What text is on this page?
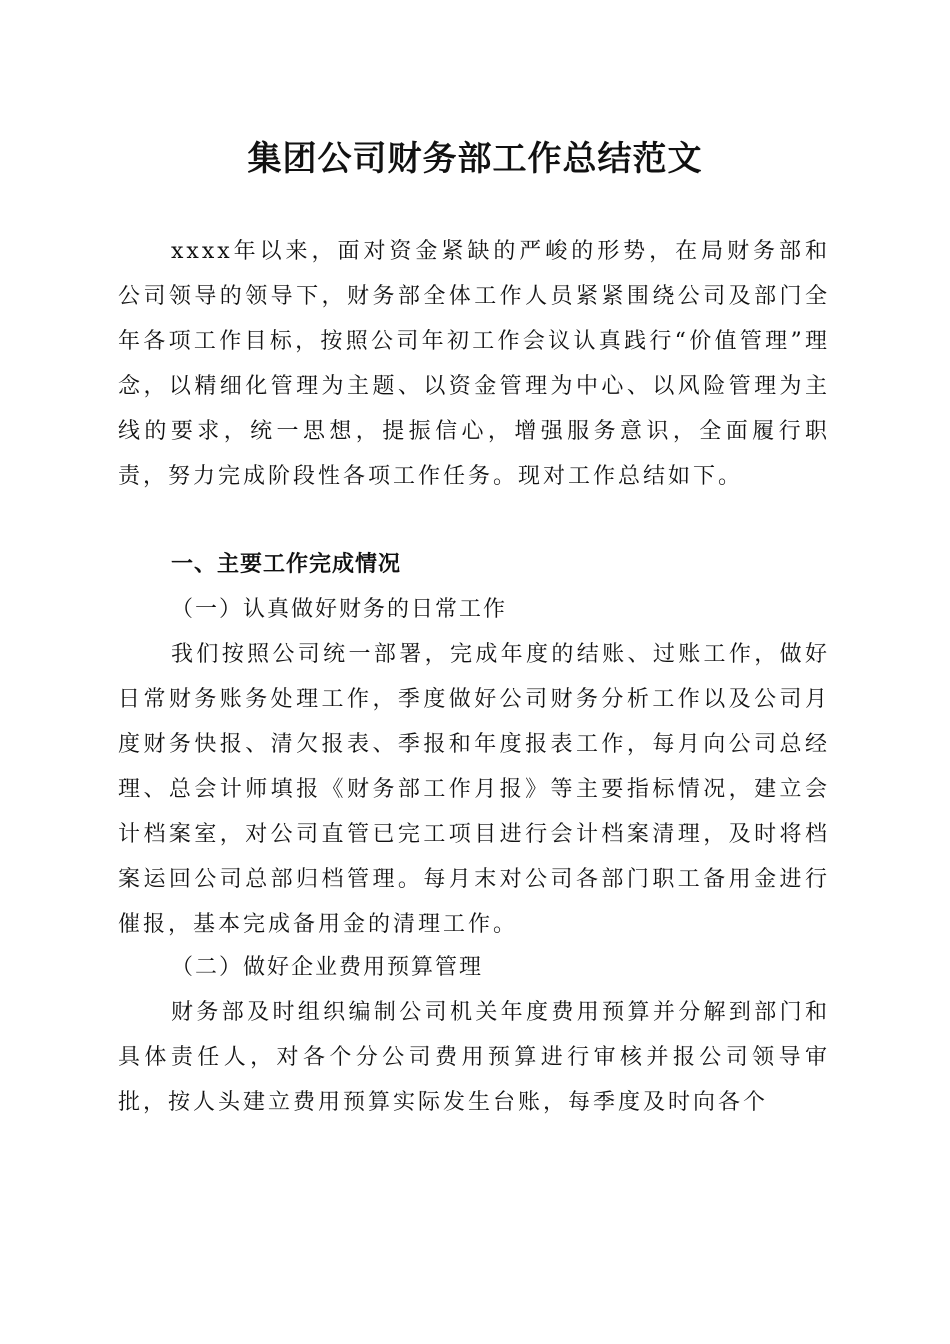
集团公司财务部工作总结范文

xxxx年以来，面对资金紧缺的严峻的形势，在局财务部和公司领导的领导下，财务部全体工作人员紧紧围绕公司及部门全年各项工作目标，按照公司年初工作会议认真践行“价值管理”理念，以精细化管理为主题、以资金管理为中心、以风险管理为主线的要求，统一思想，提振信心，增强服务意识，全面履行职责，努力完成阶段性各项工作任务。现对工作总结如下。

一、主要工作完成情况

（一）认真做好财务的日常工作

我们按照公司统一部署，完成年度的结账、过账工作，做好日常财务账务处理工作，季度做好公司财务分析工作以及公司月度财务快报、清欠报表、季报和年度报表工作，每月向公司总经理、总会计师填报《财务部工作月报》等主要指标情况，建立会计档案室，对公司直管已完工项目进行会计档案清理，及时将档案运回公司总部归档管理。每月末对公司各部门职工备用金进行催报，基本完成备用金的清理工作。

（二）做好企业费用预算管理

财务部及时组织编制公司机关年度费用预算并分解到部门和具体责任人，对各个分公司费用预算进行审核并报公司领导审批，按人头建立费用预算实际发生台账，每季度及时向各个
